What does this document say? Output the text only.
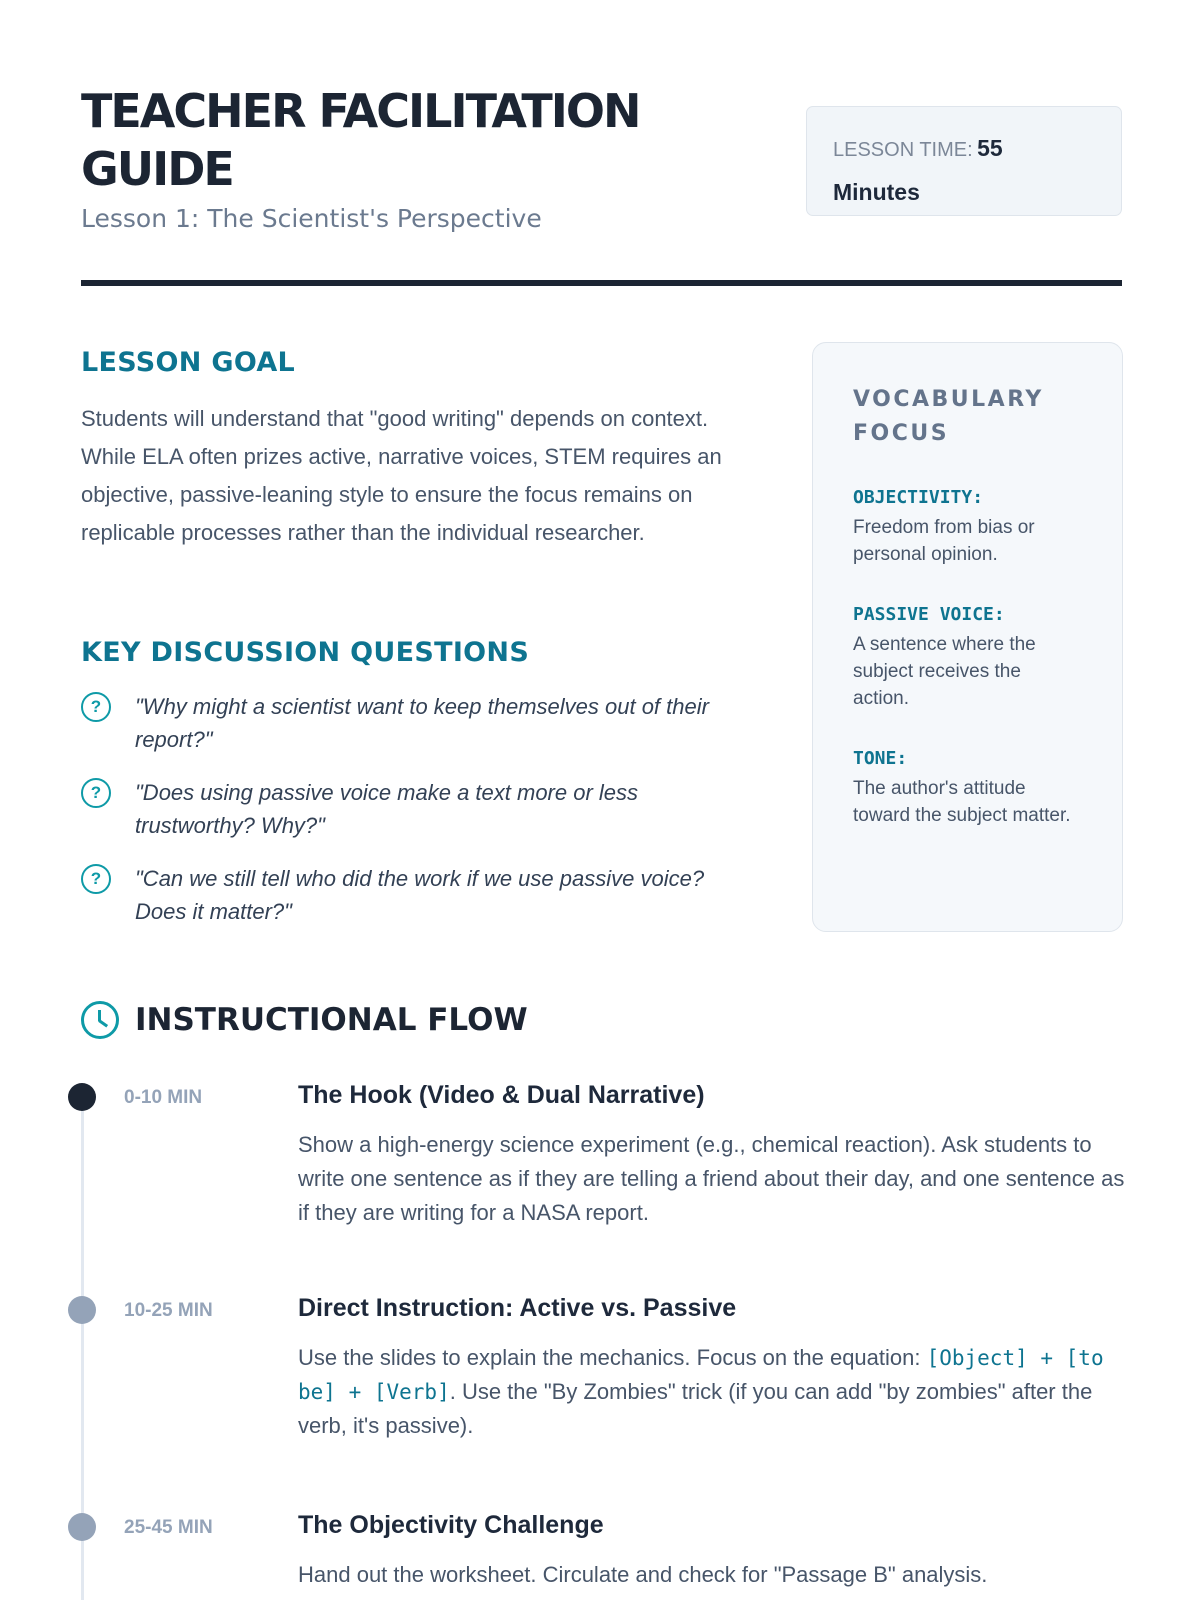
TEACHER FACILITATION GUIDE
Lesson 1: The Scientist's Perspective
LESSON TIME: 55
Minutes
LESSON GOAL

Students will understand that "good writing" depends on context. While ELA often prizes active, narrative voices, STEM requires an objective, passive-leaning style to ensure the focus remains on replicable processes rather than the individual researcher.

KEY DISCUSSION QUESTIONS
?	"Why might a scientist want to keep themselves out of their report?"
?	"Does using passive voice make a text more or less trustworthy? Why?"
?	"Can we still tell who did the work if we use passive voice? Does it matter?"
VOCABULARY FOCUS
OBJECTIVITY:
Freedom from bias or personal opinion.
PASSIVE VOICE:
A sentence where the subject receives the action.
TONE:
The author's attitude toward the subject matter.
INSTRUCTIONAL FLOW
0-10 MIN	The Hook (Video & Dual Narrative)

Show a high-energy science experiment (e.g., chemical reaction). Ask students to write one sentence as if they are telling a friend about their day, and one sentence as if they are writing for a NASA report.

10-25 MIN	Direct Instruction: Active vs. Passive

Use the slides to explain the mechanics. Focus on the equation: [Object] + [to be] + [Verb]. Use the "By Zombies" trick (if you can add "by zombies" after the verb, it's passive).

25-45 MIN	The Objectivity Challenge

Hand out the worksheet. Circulate and check for "Passage B" analysis.
